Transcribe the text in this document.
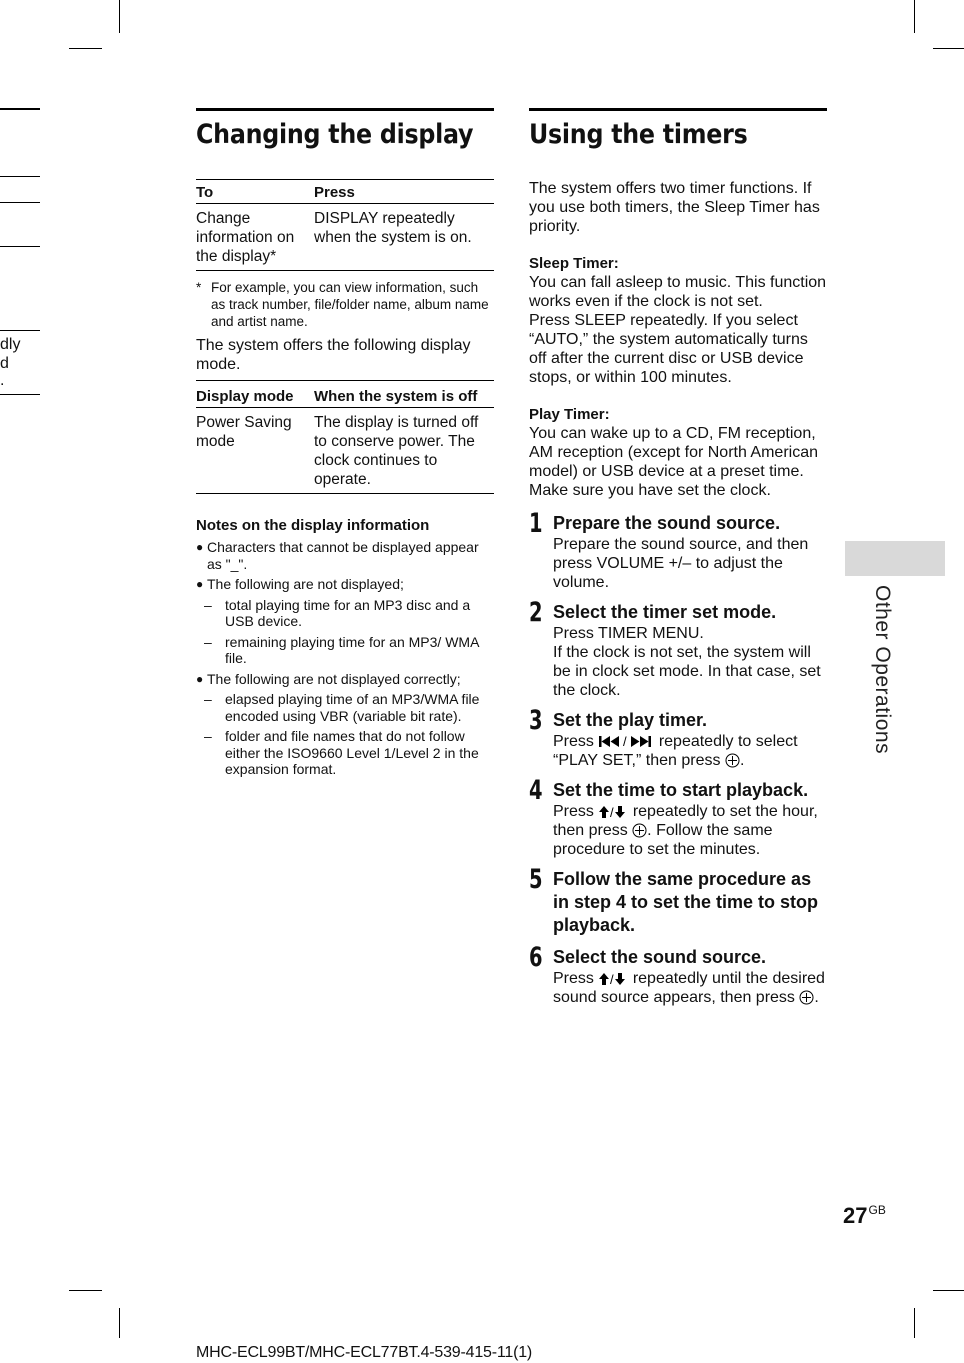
dly
d
.
Changing the display
To	Press
Change information on the display*	DISPLAY repeatedly when the system is on.
* For example, you can view information, such as track number, file/folder name, album name and artist name.

The system offers the following display mode.

Display mode	When the system is off
Power Saving mode	The display is turned off to conserve power. The clock continues to operate.
Notes on the display information
● Characters that cannot be displayed appear as "_".
● The following are not displayed;
– total playing time for an MP3 disc and a USB device.
– remaining playing time for an MP3/ WMA file.
● The following are not displayed correctly;
– elapsed playing time of an MP3/WMA file encoded using VBR (variable bit rate).
– folder and file names that do not follow either the ISO9660 Level 1/Level 2 in the expansion format.
Using the timers

The system offers two timer functions. If you use both timers, the Sleep Timer has priority.

Sleep Timer:

You can fall asleep to music. This function works even if the clock is not set.

Press SLEEP repeatedly. If you select “AUTO,” the system automatically turns off after the current disc or USB device stops, or within 100 minutes.

Play Timer:

You can wake up to a CD, FM reception, AM reception (except for North American model) or USB device at a preset time.

Make sure you have set the clock.

1 Prepare the sound source.
Prepare the sound source, and then press VOLUME +/– to adjust the volume.
2 Select the timer set mode.
Press TIMER MENU.
If the clock is not set, the system will be in clock set mode. In that case, set the clock.
3 Set the play timer.
Press / repeatedly to select “PLAY SET,” then press .
4 Set the time to start playback.
Press / repeatedly to set the hour, then press . Follow the same procedure to set the minutes.
5 Follow the same procedure as in step 4 to set the time to stop playback.
6 Select the sound source.
Press / repeatedly until the desired sound source appears, then press .
Other Operations
$27^{GB}$
MHC-ECL99BT/MHC-ECL77BT.4-539-415-11(1)
